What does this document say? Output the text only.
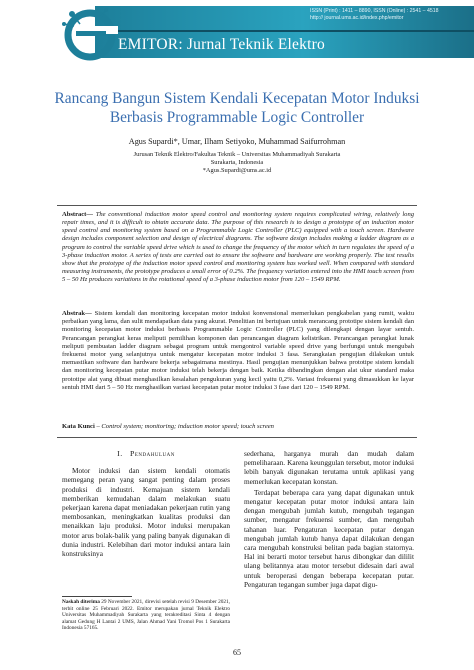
ISSN (Print) : 1411 – 8890, ISSN (Online) : 2541 – 4518
http:// journal.ums.ac.id/index.php/emitor
EMITOR: Jurnal Teknik Elektro
Rancang Bangun Sistem Kendali Kecepatan Motor Induksi
Berbasis Programmable Logic Controller
Agus Supardi*, Umar, Ilham Setiyoko, Muhammad Saifurrohman
Jurusan Teknik Elektro/Fakultas Teknik – Universitas Muhammadiyah Surakarta
Surakarta, Indonesia
*Agus.Supardi@ums.ac.id
Abstract— The conventional induction motor speed control and monitoring system requires complicated wiring, relatively long repair times, and it is difficult to obtain accurate data. The purpose of this research is to design a prototype of an induction motor speed control and monitoring system based on a Programmable Logic Controller (PLC) equipped with a touch screen. Hardware design includes component selection and design of electrical diagrams. The software design includes making a ladder diagram as a program to control the variable speed drive which is used to change the frequency of the motor which in turn regulates the speed of a 3-phase induction motor. A series of tests are carried out to ensure the software and hardware are working properly. The test results show that the prototype of the induction motor speed control and monitoring system has worked well. When compared with standard measuring instruments, the prototype produces a small error of 0.2%. The frequency variation entered into the HMI touch screen from 5 – 50 Hz produces variations in the rotational speed of a 3-phase induction motor from 120 – 1549 RPM.
Abstrak— Sistem kendali dan monitoring kecepatan motor induksi konvensional memerlukan pengkabelan yang rumit, waktu perbaikan yang lama, dan sulit mendapatkan data yang akurat. Penelitian ini bertujuan untuk merancang prototipe sistem kendali dan monitoring kecepatan motor induksi berbasis Programmable Logic Controller (PLC) yang dilengkapi dengan layar sentuh. Perancangan perangkat keras meliputi pemilihan komponen dan perancangan diagram kelistrikan. Perancangan perangkat lunak meliputi pembuatan ladder diagram sebagai program untuk mengontrol variable speed drive yang berfungsi untuk mengubah frekuensi motor yang selanjutnya untuk mengatur kecepatan motor induksi 3 fasa. Serangkaian pengujian dilakukan untuk memastikan software dan hardware bekerja sebagaimana mestinya. Hasil pengujian menunjukkan bahwa prototipe sistem kendali dan monitoring kecepatan putar motor induksi telah bekerja dengan baik. Ketika dibandingkan dengan alat ukur standard maka prototipe alat yang dibuat menghasilkan kesalahan pengukuran yang kecil yaitu 0,2%. Variasi frekuensi yang dimasukkan ke layar sentuh HMI dari 5 – 50 Hz menghasilkan variasi kecepatan putar motor induksi 3 fase dari 120 – 1549 RPM.
Kata Kunci – Control system; monitoring; induction motor speed; touch screen
I. Pendahuluan
Motor induksi dan sistem kendali otomatis memegang peran yang sangat penting dalam proses produksi di industri. Kemajuan sistem kendali memberikan kemudahan dalam melakukan suatu pekerjaan karena dapat meniadakan pekerjaan rutin yang membosankan, meningkatkan kualitas produksi dan menaikkan laju produksi. Motor induksi merupakan motor arus bolak-balik yang paling banyak digunakan di dunia industri. Kelebihan dari motor induksi antara lain konstruksinya
sederhana, harganya murah dan mudah dalam pemeliharaan. Karena keunggulan tersebut, motor induksi lebih banyak digunakan terutama untuk aplikasi yang memerlukan kecepatan konstan.
Terdapat beberapa cara yang dapat digunakan untuk mengatur kecepatan putar motor induksi antara lain dengan mengubah jumlah kutub, mengubah tegangan sumber, mengatur frekuensi sumber, dan mengubah tahanan luar. Pengaturan kecepatan putar dengan mengubah jumlah kutub hanya dapat dilakukan dengan cara mengubah konstruksi belitan pada bagian statornya. Hal ini berarti motor tersebut harus dibongkar dan dililit ulang belitannya atau motor tersebut didesain dari awal untuk beroperasi dengan beberapa kecepatan putar. Pengaturan tegangan sumber juga dapat digu-
Naskah diterima 29 November 2021, direvisi setelah revisi 9 Desember 2021, terbit online 25 Februari 2022. Emitor merupakan jurnal Teknik Elektro Universitas Muhammadiyah Surakarta yang terakreditasi Sinta 4 dengan alamat Gedung H Lantai 2 UMS, Jalan Ahmad Yani Tromol Pos 1 Surakarta Indonesia 57165.
65
